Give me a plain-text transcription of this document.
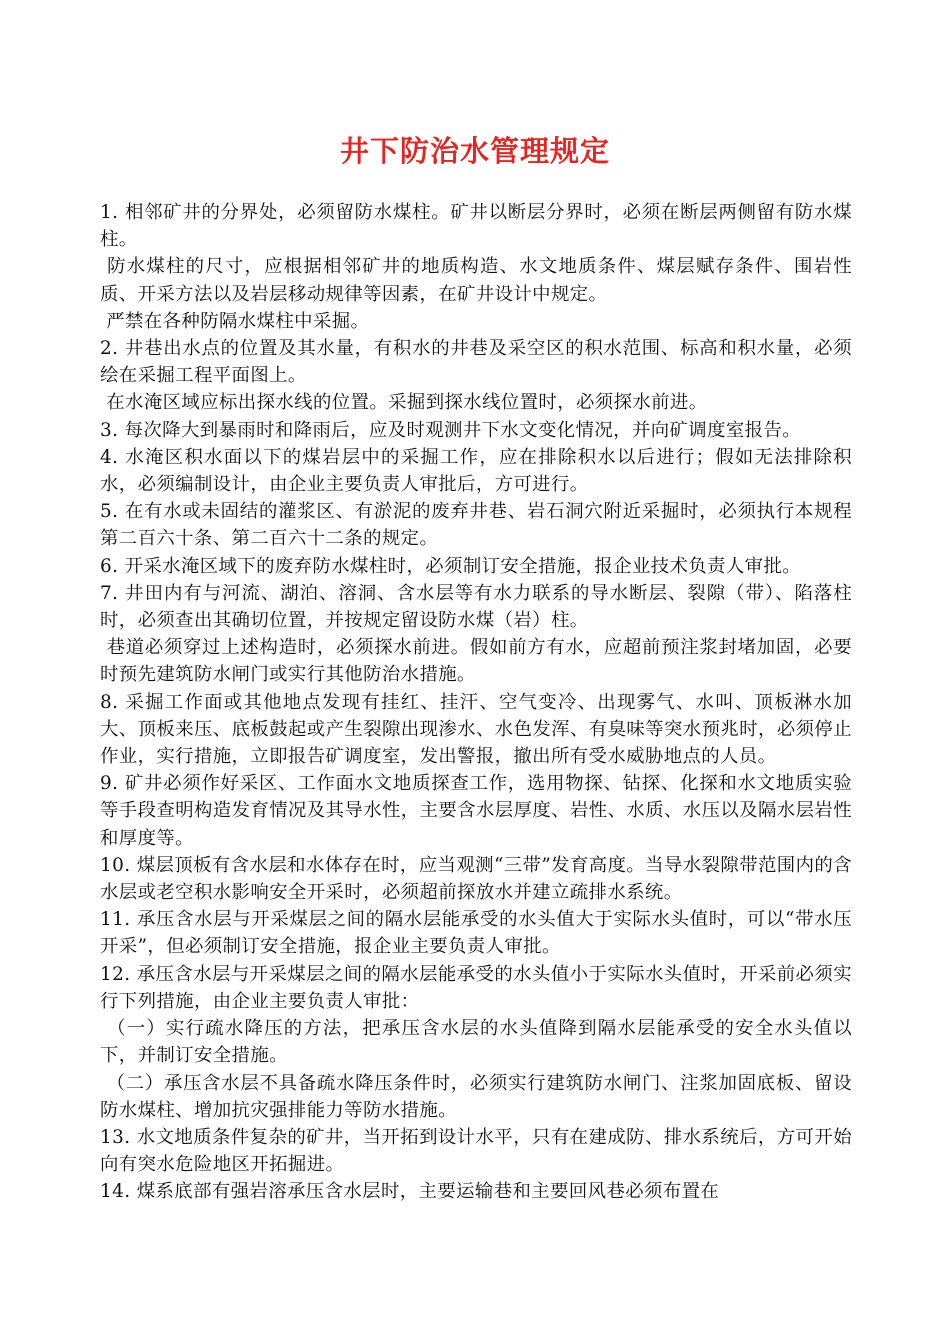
井下防治水管理规定

1. 相邻矿井的分界处，必须留防水煤柱。矿井以断层分界时，必须在断层两侧留有防水煤柱。

防水煤柱的尺寸，应根据相邻矿井的地质构造、水文地质条件、煤层赋存条件、围岩性质、开采方法以及岩层移动规律等因素，在矿井设计中规定。

严禁在各种防隔水煤柱中采掘。

2. 井巷出水点的位置及其水量，有积水的井巷及采空区的积水范围、标高和积水量，必须绘在采掘工程平面图上。

在水淹区域应标出探水线的位置。采掘到探水线位置时，必须探水前进。

3. 每次降大到暴雨时和降雨后，应及时观测井下水文变化情况，并向矿调度室报告。

4. 水淹区积水面以下的煤岩层中的采掘工作，应在排除积水以后进行；假如无法排除积水，必须编制设计，由企业主要负责人审批后，方可进行。

5. 在有水或未固结的灌浆区、有淤泥的废弃井巷、岩石洞穴附近采掘时，必须执行本规程第二百六十条、第二百六十二条的规定。

6. 开采水淹区域下的废弃防水煤柱时，必须制订安全措施，报企业技术负责人审批。

7. 井田内有与河流、湖泊、溶洞、含水层等有水力联系的导水断层、裂隙（带）、陷落柱时，必须查出其确切位置，并按规定留设防水煤（岩）柱。

巷道必须穿过上述构造时，必须探水前进。假如前方有水，应超前预注浆封堵加固，必要时预先建筑防水闸门或实行其他防治水措施。

8. 采掘工作面或其他地点发现有挂红、挂汗、空气变冷、出现雾气、水叫、顶板淋水加大、顶板来压、底板鼓起或产生裂隙出现渗水、水色发浑、有臭味等突水预兆时，必须停止作业，实行措施，立即报告矿调度室，发出警报，撤出所有受水威胁地点的人员。

9. 矿井必须作好采区、工作面水文地质探查工作，选用物探、钻探、化探和水文地质实验等手段查明构造发育情况及其导水性，主要含水层厚度、岩性、水质、水压以及隔水层岩性和厚度等。

10. 煤层顶板有含水层和水体存在时，应当观测“三带”发育高度。当导水裂隙带范围内的含水层或老空积水影响安全开采时，必须超前探放水并建立疏排水系统。

11. 承压含水层与开采煤层之间的隔水层能承受的水头值大于实际水头值时，可以“带水压开采”，但必须制订安全措施，报企业主要负责人审批。

12. 承压含水层与开采煤层之间的隔水层能承受的水头值小于实际水头值时，开采前必须实行下列措施，由企业主要负责人审批：

（一）实行疏水降压的方法，把承压含水层的水头值降到隔水层能承受的安全水头值以下，并制订安全措施。

（二）承压含水层不具备疏水降压条件时，必须实行建筑防水闸门、注浆加固底板、留设防水煤柱、增加抗灾强排能力等防水措施。

13. 水文地质条件复杂的矿井，当开拓到设计水平，只有在建成防、排水系统后，方可开始向有突水危险地区开拓掘进。

14. 煤系底部有强岩溶承压含水层时，主要运输巷和主要回风巷必须布置在
